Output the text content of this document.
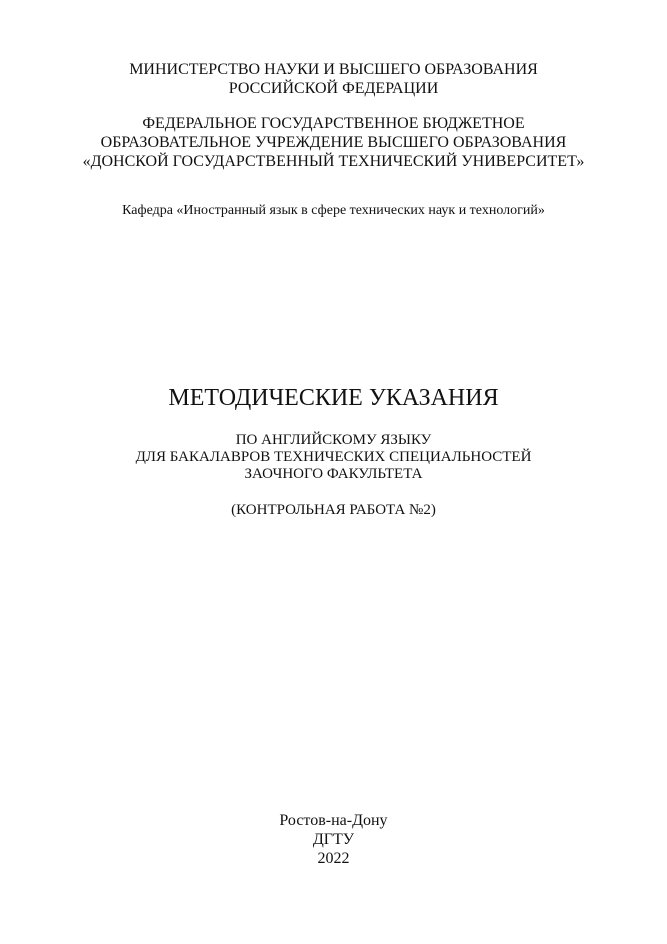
МИНИСТЕРСТВО НАУКИ И ВЫСШЕГО ОБРАЗОВАНИЯ
РОССИЙСКОЙ ФЕДЕРАЦИИ
ФЕДЕРАЛЬНОЕ ГОСУДАРСТВЕННОЕ БЮДЖЕТНОЕ
ОБРАЗОВАТЕЛЬНОЕ УЧРЕЖДЕНИЕ ВЫСШЕГО ОБРАЗОВАНИЯ
«ДОНСКОЙ ГОСУДАРСТВЕННЫЙ ТЕХНИЧЕСКИЙ УНИВЕРСИТЕТ»
Кафедра «Иностранный язык в сфере технических наук и технологий»
МЕТОДИЧЕСКИЕ УКАЗАНИЯ
ПО АНГЛИЙСКОМУ ЯЗЫКУ
ДЛЯ БАКАЛАВРОВ ТЕХНИЧЕСКИХ СПЕЦИАЛЬНОСТЕЙ
ЗАОЧНОГО ФАКУЛЬТЕТА
(КОНТРОЛЬНАЯ РАБОТА №2)
Ростов-на-Дону
ДГТУ
2022
